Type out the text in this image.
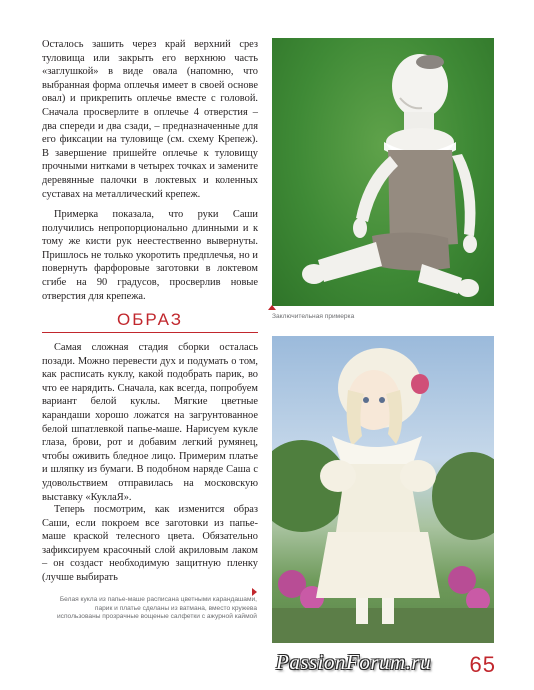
Осталось зашить через край верхний срез туловища или закрыть его верхнюю часть «заглушкой» в виде овала (напомню, что выбранная форма оплечья имеет в своей основе овал) и прикрепить оплечье вместе с головой. Сначала просверлите в оплечье 4 отверстия – два спереди и два сзади, – предназначенные для его фиксации на туловище (см. схему Крепеж). В завершение пришейте оплечье к туловищу прочными нитками в четырех точках и замените деревянные палочки в локтевых и коленных суставах на металлический крепеж.

Примерка показала, что руки Саши получились непропорционально длинными и к тому же кисти рук неестественно вывернуты. Пришлось не только укоротить предплечья, но и повернуть фарфоровые заготовки в локтевом сгибе на 90 градусов, просверлив новые отверстия для крепежа.

ОБРАЗ

Самая сложная стадия сборки осталась позади. Можно перевести дух и подумать о том, как расписать куклу, какой подобрать парик, во что ее нарядить. Сначала, как всегда, попробуем вариант белой куклы. Мягкие цветные карандаши хорошо ложатся на загрунтованное белой шпатлевкой папье-маше. Нарисуем кукле глаза, брови, рот и добавим легкий румянец, чтобы оживить бледное лицо. Примерим платье и шляпку из бумаги. В подобном наряде Саша с удовольствием отправилась на московскую выставку «КуклаЯ».

Теперь посмотрим, как изменится образ Саши, если покроем все заготовки из папье-маше краской телесного цвета. Обязательно зафиксируем красочный слой акриловым лаком – он создаст необходимую защитную пленку (лучше выбирать

Заключительная примерка
Белая кукла из папье-маше расписана цветными карандашами, парик и платье сделаны из ватмана, вместо кружева использованы прозрачные вощеные салфетки с ажурной каймой
65
PassionForum.ru
